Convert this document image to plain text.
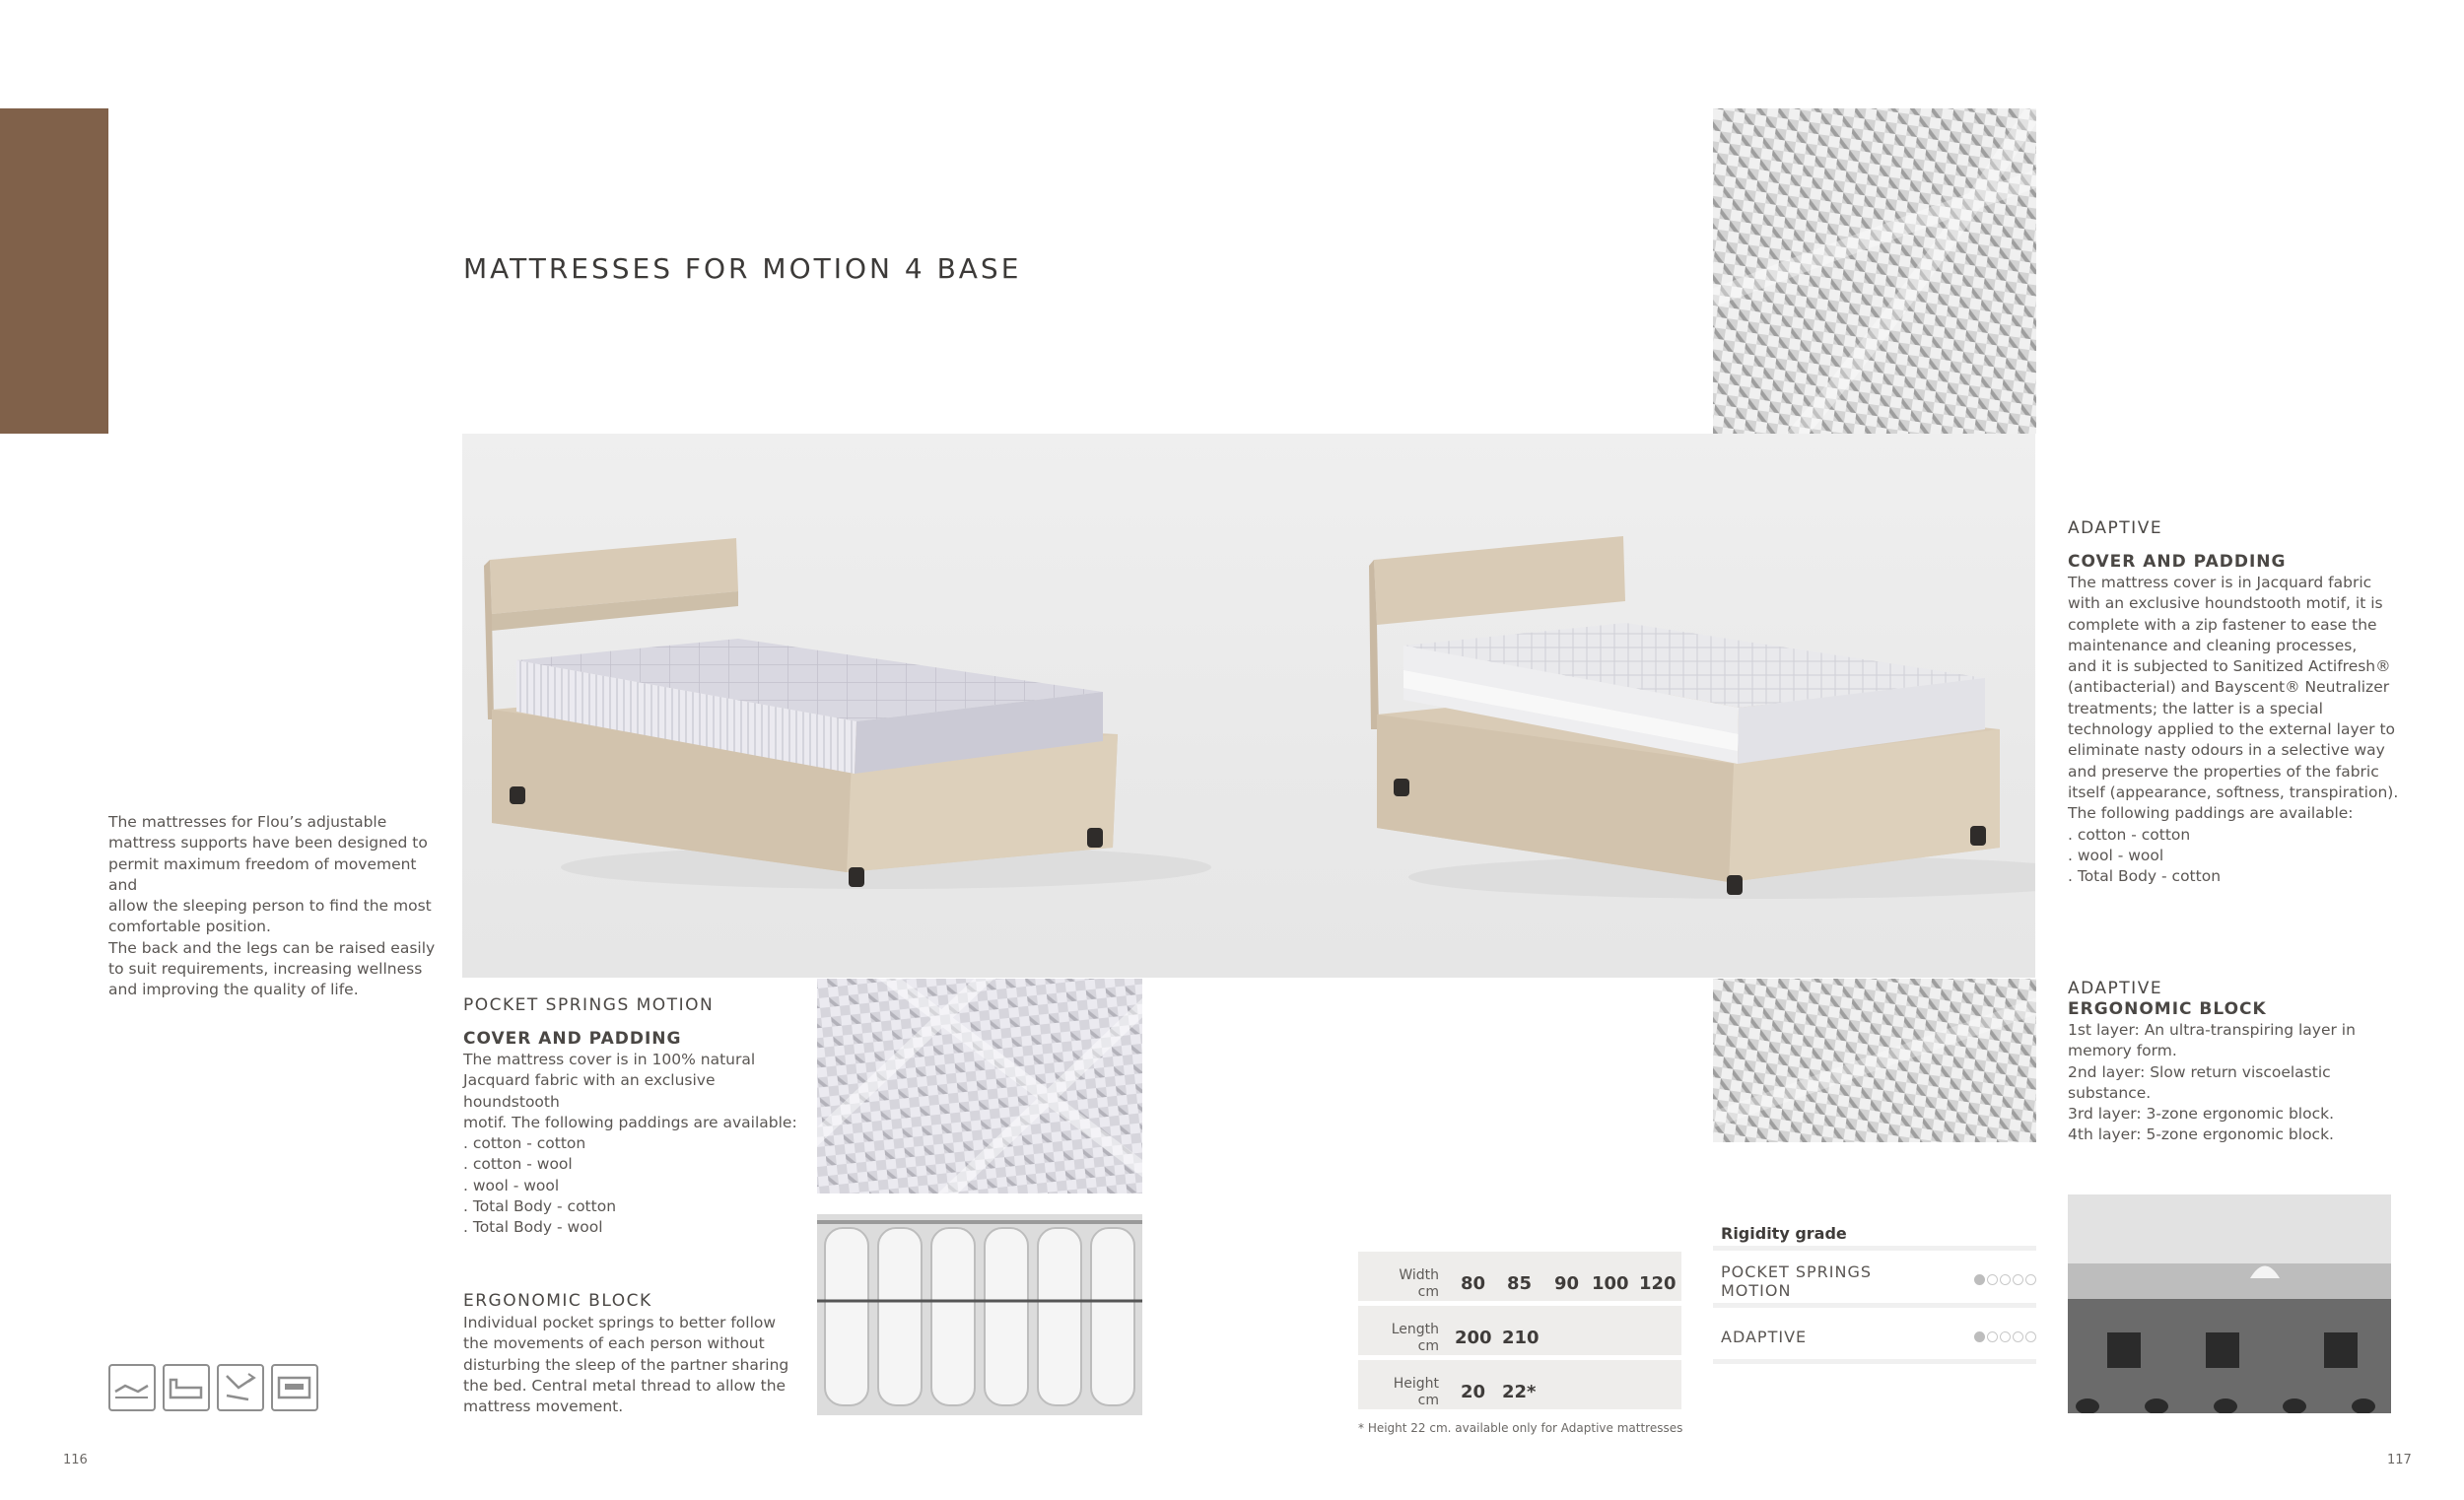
MATTRESSES FOR MOTION 4 BASE
The mattresses for Flou’s adjustable
mattress supports have been designed to
permit maximum freedom of movement and
allow the sleeping person to find the most
comfortable position.
The back and the legs can be raised easily
to suit requirements, increasing wellness
and improving the quality of life.
POCKET SPRINGS MOTION
COVER AND PADDING
The mattress cover is in 100% natural
Jacquard fabric with an exclusive houndstooth
motif. The following paddings are available:
. cotton - cotton
. cotton - wool
. wool - wool
. Total Body - cotton
. Total Body - wool
ERGONOMIC BLOCK
Individual pocket springs to better follow
the movements of each person without
disturbing the sleep of the partner sharing
the bed. Central metal thread to allow the
mattress movement.
Width
cm 80 85 90 100 120
Length
cm 200 210
Height
cm 20 22*
* Height 22 cm. available only for Adaptive mattresses
Rigidity grade
POCKET SPRINGS
MOTION
ADAPTIVE
ADAPTIVE
COVER AND PADDING
The mattress cover is in Jacquard fabric
with an exclusive houndstooth motif, it is
complete with a zip fastener to ease the
maintenance and cleaning processes,
and it is subjected to Sanitized Actifresh®
(antibacterial) and Bayscent® Neutralizer
treatments; the latter is a special
technology applied to the external layer to
eliminate nasty odours in a selective way
and preserve the properties of the fabric
itself (appearance, softness, transpiration).
The following paddings are available:
. cotton - cotton
. wool - wool
. Total Body - cotton
ADAPTIVE
ERGONOMIC BLOCK
1st layer: An ultra-transpiring layer in
memory form.
2nd layer: Slow return viscoelastic
substance.
3rd layer: 3-zone ergonomic block.
4th layer: 5-zone ergonomic block.
116	117
